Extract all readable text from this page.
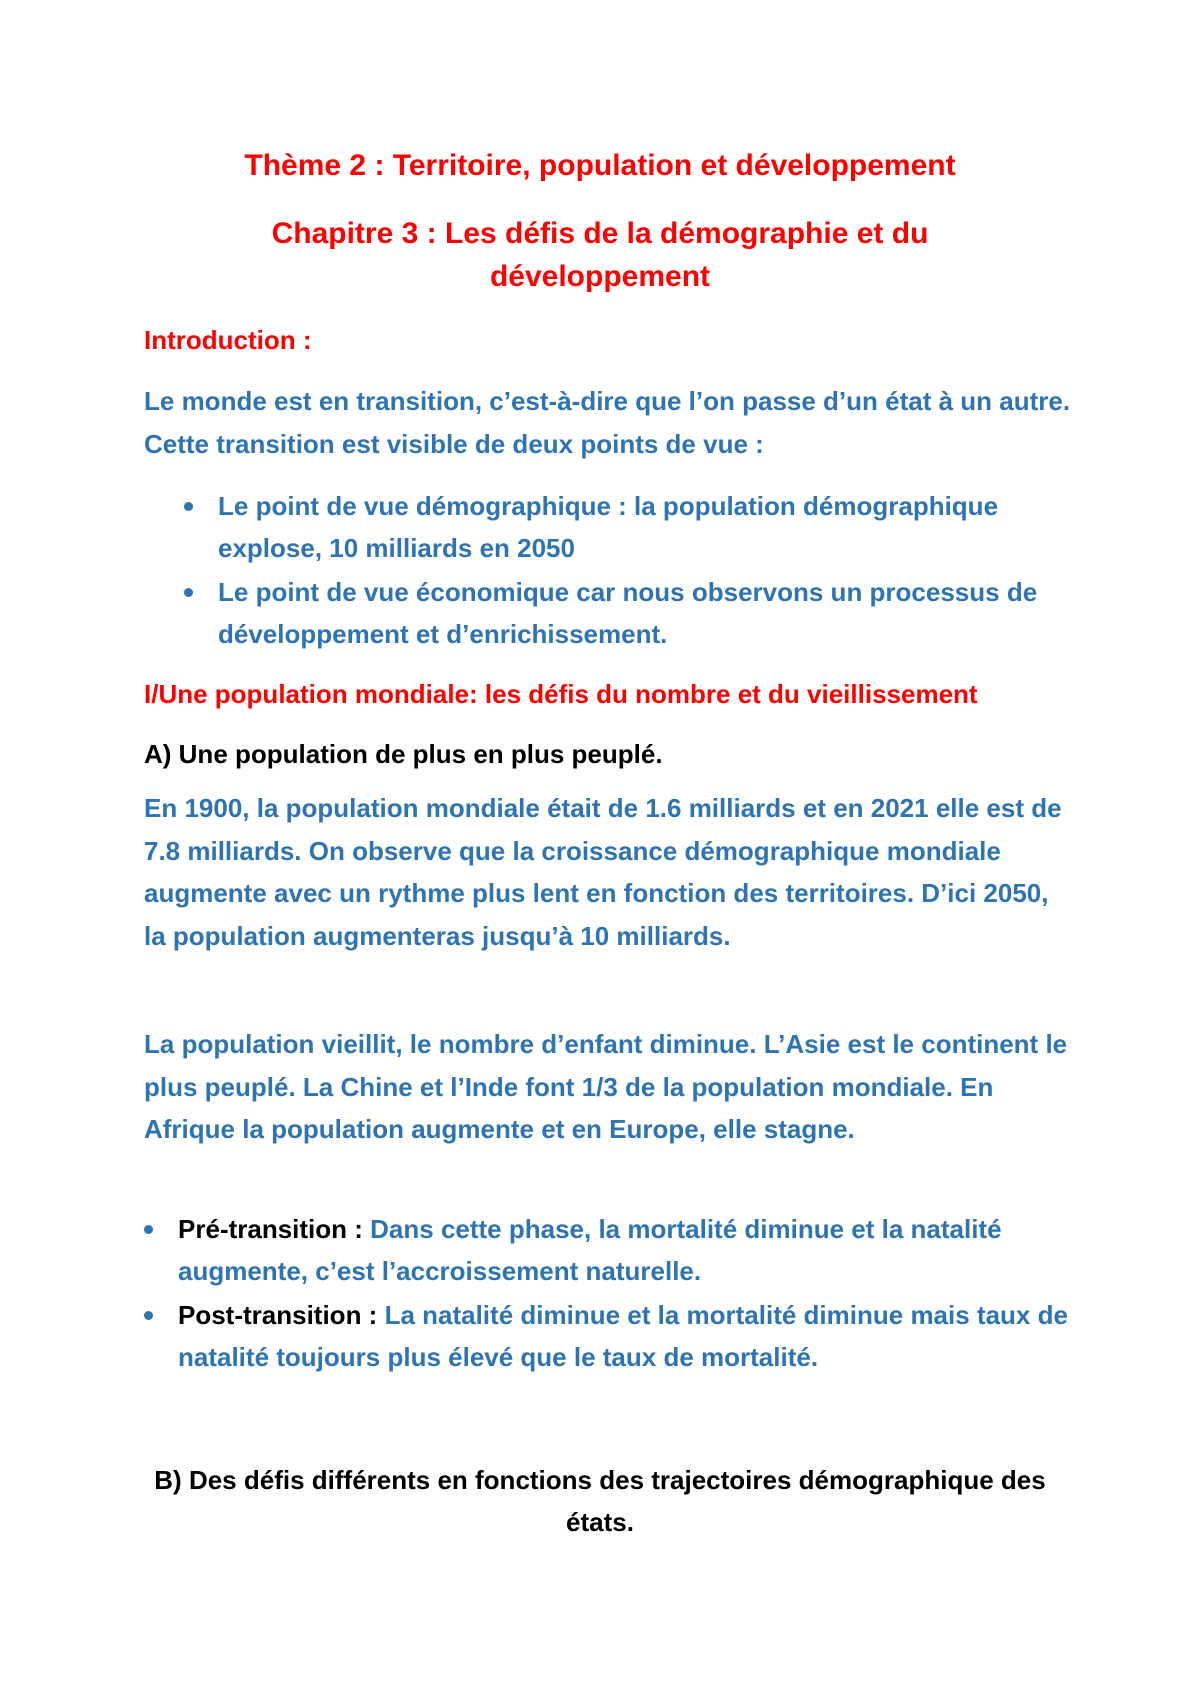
Thème 2 : Territoire, population et développement
Chapitre 3 : Les défis de la démographie et du développement
Introduction :
Le monde est en transition, c’est-à-dire que l’on passe d’un état à un autre. Cette transition est visible de deux points de vue :
Le point de vue démographique : la population démographique explose, 10 milliards en 2050
Le point de vue économique car nous observons un processus de développement et d’enrichissement.
I/Une population mondiale: les défis du nombre et du vieillissement
A) Une population de plus en plus peuplé.
En 1900, la population mondiale était de 1.6 milliards et en 2021 elle est de 7.8 milliards. On observe que la croissance démographique mondiale augmente avec un rythme plus lent en fonction des territoires. D’ici 2050, la population augmenteras jusqu’à 10 milliards.
La population vieillit, le nombre d’enfant diminue. L’Asie est le continent le plus peuplé. La Chine et l’Inde font 1/3 de la population mondiale. En Afrique la population augmente et en Europe, elle stagne.
Pré-transition : Dans cette phase, la mortalité diminue et la natalité augmente, c’est l’accroissement naturelle.
Post-transition : La natalité diminue et la mortalité diminue mais taux de natalité toujours plus élevé que le taux de mortalité.
B) Des défis différents en fonctions des trajectoires démographique des états.
